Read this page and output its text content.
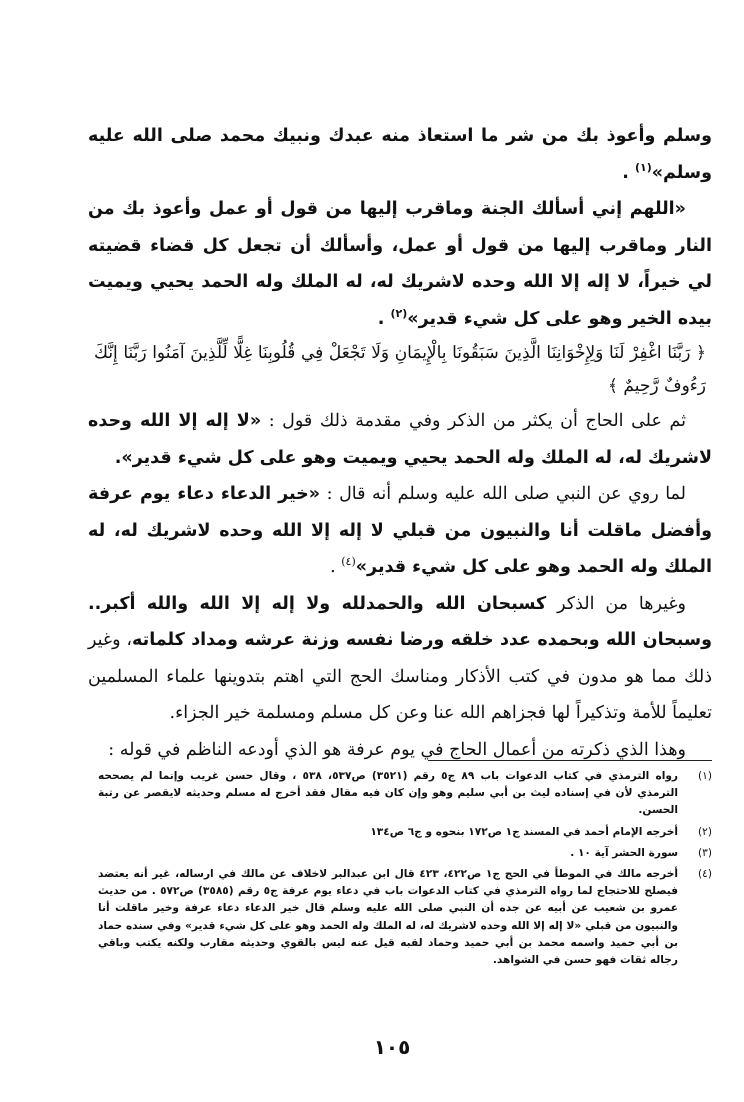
وسلم وأعوذ بك من شر ما استعاذ منه عبدك ونبيك محمد صلى الله عليه وسلم»$^{(١)}$ .

«اللهم إني أسألك الجنة وماقرب إليها من قول أو عمل وأعوذ بك من النار وماقرب إليها من قول أو عمل، وأسألك أن تجعل كل قضاء قضيته لي خيراً، لا إله إلا الله وحده لاشريك له، له الملك وله الحمد يحيي ويميت بيده الخير وهو على كل شيء قدير»$^{(٢)}$ .

﴿ رَبَّنَا اغْفِرْ لَنَا وَلِإِخْوَانِنَا الَّذِينَ سَبَقُونَا بِالْإِيمَانِ وَلَا تَجْعَلْ فِي قُلُوبِنَا غِلًّا لِّلَّذِينَ آمَنُوا رَبَّنَا إِنَّكَ رَءُوفٌ رَّحِيمٌ ﴾

ثم على الحاج أن يكثر من الذكر وفي مقدمة ذلك قول : «لا إله إلا الله وحده لاشريك له، له الملك وله الحمد يحيي ويميت وهو على كل شيء قدير».

لما روي عن النبي صلى الله عليه وسلم أنه قال : «خير الدعاء دعاء يوم عرفة وأفضل ماقلت أنا والنبيون من قبلي لا إله إلا الله وحده لاشريك له، له الملك وله الحمد وهو على كل شيء قدير»$^{(٤)}$ .

وغيرها من الذكر كسبحان الله والحمدلله ولا إله إلا الله والله أكبر.. وسبحان الله وبحمده عدد خلقه ورضا نفسه وزنة عرشه ومداد كلماته، وغير ذلك مما هو مدون في كتب الأذكار ومناسك الحج التي اهتم بتدوينها علماء المسلمين تعليماً للأمة وتذكيراً لها فجزاهم الله عنا وعن كل مسلم ومسلمة خير الجزاء.

وهذا الذي ذكرته من أعمال الحاج في يوم عرفة هو الذي أودعه الناظم في قوله :

(١)
رواه الترمذي في كتاب الدعوات باب ٨٩ ج٥ رقم (٣٥٢١) ص٥٣٧، ٥٣٨ ، وقال حسن غريب وإنما لم يصححه الترمذي لأن في إسناده ليث بن أبي سليم وهو وإن كان فيه مقال فقد أخرج له مسلم وحديثه لايقصر عن رتبة الحسن.
(٢)
أخرجه الإمام أحمد في المسند ج١ ص١٧٢ بنحوه و ج٦ ص١٣٤
(٣)
سورة الحشر آية ١٠ .
(٤)
أخرجه مالك في الموطأ في الحج ج١ ص٤٢٢، ٤٢٣ قال ابن عبدالبر لاخلاف عن مالك في ارساله، غير أنه يعتضد فيصلح للاحتجاج لما رواه الترمذي في كتاب الدعوات باب في دعاء يوم عرفة ج٥ رقم (٣٥٨٥) ص٥٧٢ . من حديث عمرو بن شعيب عن أبيه عن جده أن النبي صلى الله عليه وسلم قال خير الدعاء دعاء عرفة وخير ماقلت أنا والنبيون من قبلي «لا إله إلا الله وحده لاشريك له، له الملك وله الحمد وهو على كل شيء قدير» وفي سنده حماد بن أبي حميد واسمه محمد بن أبي حميد وحماد لقبه قيل عنه ليس بالقوي وحديثه مقارب ولكنه يكتب وباقي رجاله ثقات فهو حسن في الشواهد.
١٠٥
